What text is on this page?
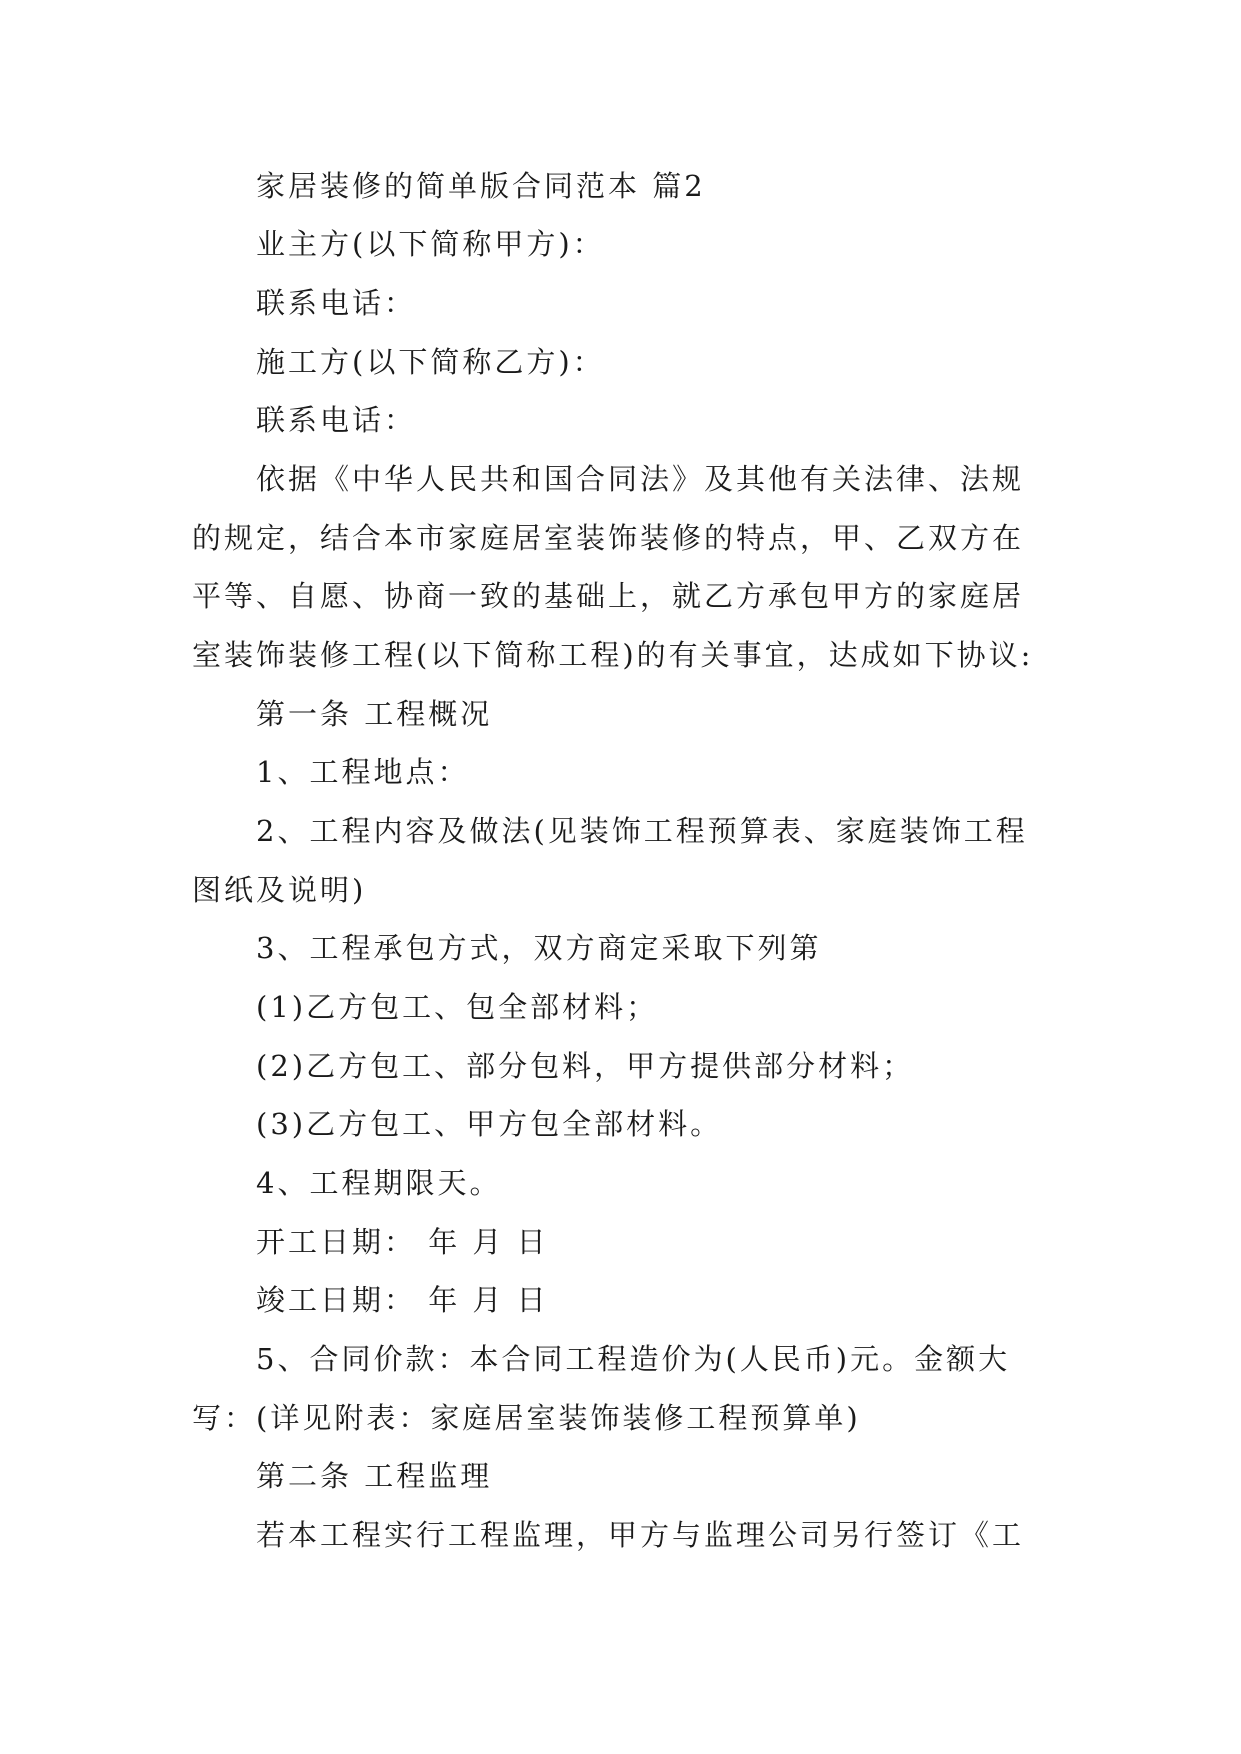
家居装修的简单版合同范本 篇2
业主方(以下简称甲方)：
联系电话：
施工方(以下简称乙方)：
联系电话：
依据《中华人民共和国合同法》及其他有关法律、法规
的规定，结合本市家庭居室装饰装修的特点，甲、乙双方在
平等、自愿、协商一致的基础上，就乙方承包甲方的家庭居
室装饰装修工程(以下简称工程)的有关事宜，达成如下协议:
第一条 工程概况
1、工程地点：
2、工程内容及做法(见装饰工程预算表、家庭装饰工程
图纸及说明)
3、工程承包方式，双方商定采取下列第
(1)乙方包工、包全部材料；
(2)乙方包工、部分包料，甲方提供部分材料；
(3)乙方包工、甲方包全部材料。
4、工程期限天。
开工日期： 年 月 日
竣工日期： 年 月 日
5、合同价款：本合同工程造价为(人民币)元。金额大
写：(详见附表：家庭居室装饰装修工程预算单)
第二条 工程监理
若本工程实行工程监理，甲方与监理公司另行签订《工
